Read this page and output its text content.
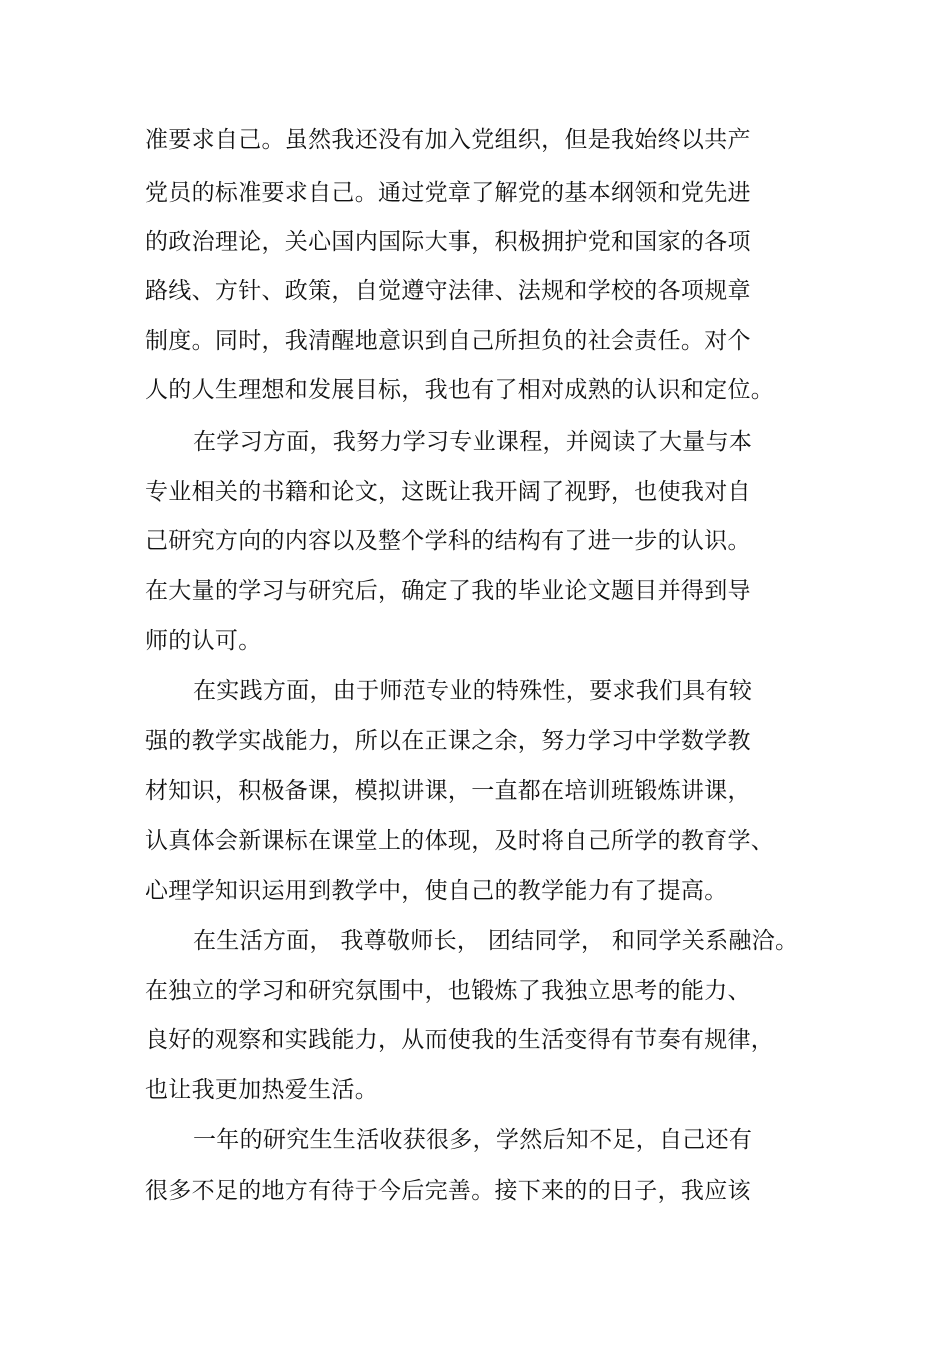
准要求自己。虽然我还没有加入党组织，但是我始终以共产

党员的标准要求自己。通过党章了解党的基本纲领和党先进

的政治理论，关心国内国际大事，积极拥护党和国家的各项

路线、方针、政策，自觉遵守法律、法规和学校的各项规章

制度。同时，我清醒地意识到自己所担负的社会责任。对个

人的人生理想和发展目标，我也有了相对成熟的认识和定位。

在学习方面，我努力学习专业课程，并阅读了大量与本

专业相关的书籍和论文，这既让我开阔了视野，也使我对自

己研究方向的内容以及整个学科的结构有了进一步的认识。

在大量的学习与研究后，确定了我的毕业论文题目并得到导

师的认可。

在实践方面，由于师范专业的特殊性，要求我们具有较

强的教学实战能力，所以在正课之余，努力学习中学数学教

材知识，积极备课，模拟讲课，一直都在培训班锻炼讲课，

认真体会新课标在课堂上的体现，及时将自己所学的教育学、

心理学知识运用到教学中，使自己的教学能力有了提高。

在生活方面， 我尊敬师长， 团结同学， 和同学关系融洽。

在独立的学习和研究氛围中，也锻炼了我独立思考的能力、

良好的观察和实践能力，从而使我的生活变得有节奏有规律，

也让我更加热爱生活。

一年的研究生生活收获很多，学然后知不足，自己还有

很多不足的地方有待于今后完善。接下来的的日子，我应该
